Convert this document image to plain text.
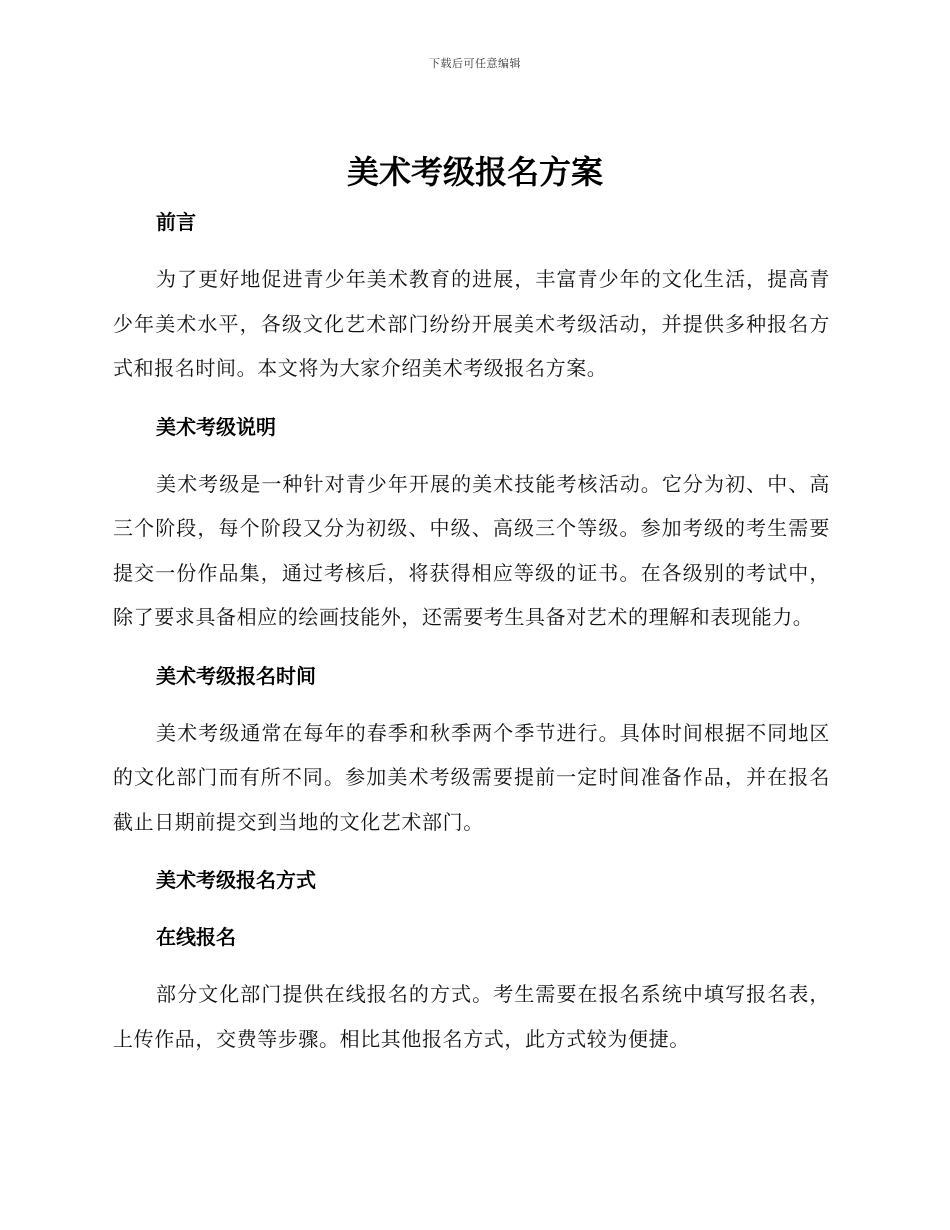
下载后可任意编辑
美术考级报名方案
前言

为了更好地促进青少年美术教育的进展，丰富青少年的文化生活，提高青少年美术水平，各级文化艺术部门纷纷开展美术考级活动，并提供多种报名方式和报名时间。本文将为大家介绍美术考级报名方案。

美术考级说明

美术考级是一种针对青少年开展的美术技能考核活动。它分为初、中、高三个阶段，每个阶段又分为初级、中级、高级三个等级。参加考级的考生需要提交一份作品集，通过考核后，将获得相应等级的证书。在各级别的考试中，除了要求具备相应的绘画技能外，还需要考生具备对艺术的理解和表现能力。

美术考级报名时间

美术考级通常在每年的春季和秋季两个季节进行。具体时间根据不同地区的文化部门而有所不同。参加美术考级需要提前一定时间准备作品，并在报名截止日期前提交到当地的文化艺术部门。

美术考级报名方式
在线报名

部分文化部门提供在线报名的方式。考生需要在报名系统中填写报名表，上传作品，交费等步骤。相比其他报名方式，此方式较为便捷。
